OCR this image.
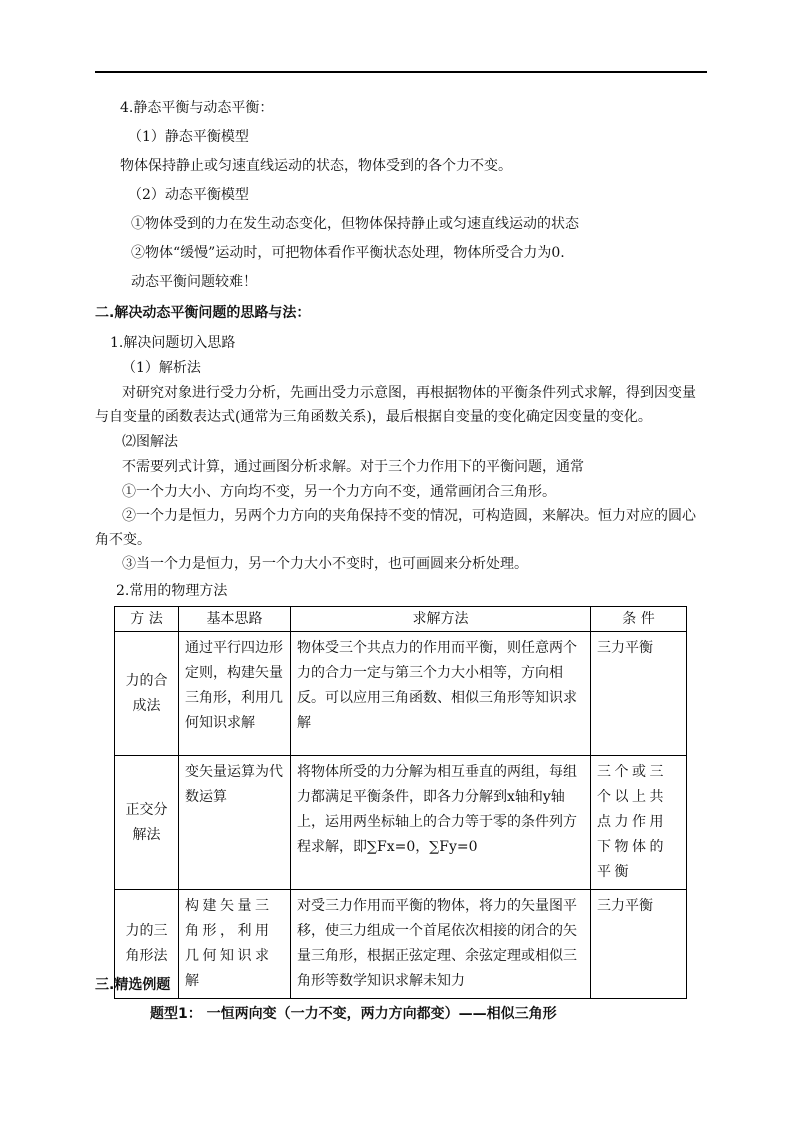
4.静态平衡与动态平衡：
（1）静态平衡模型
物体保持静止或匀速直线运动的状态，物体受到的各个力不变。
（2）动态平衡模型
①物体受到的力在发生动态变化，但物体保持静止或匀速直线运动的状态
②物体“缓慢”运动时，可把物体看作平衡状态处理，物体所受合力为0.
动态平衡问题较难！
二.解决动态平衡问题的思路与法：
1.解决问题切入思路
（1）解析法
对研究对象进行受力分析，先画出受力示意图，再根据物体的平衡条件列式求解，得到因变量
与自变量的函数表达式(通常为三角函数关系)，最后根据自变量的变化确定因变量的变化。
⑵图解法
不需要列式计算，通过画图分析求解。对于三个力作用下的平衡问题，通常
①一个力大小、方向均不变，另一个力方向不变，通常画闭合三角形。
②一个力是恒力，另两个力方向的夹角保持不变的情况，可构造圆，来解决。恒力对应的圆心
角不变。
③当一个力是恒力，另一个力大小不变时，也可画圆来分析处理。
2.常用的物理方法
方 法	基本思路	求解方法	条 件
力的合成法	通过平行四边形定则，构建矢量三角形，利用几何知识求解	物体受三个共点力的作用而平衡，则任意两个力的合力一定与第三个力大小相等，方向相反。可以应用三角函数、相似三角形等知识求解	三力平衡
正交分解法	变矢量运算为代数运算	将物体所受的力分解为相互垂直的两组，每组力都满足平衡条件，即各力分解到x轴和y轴上，运用两坐标轴上的合力等于零的条件列方程求解，即∑Fx=0，∑Fy=0	三个或三个以上共点力作用下物体的平衡
力的三角形法	构建矢量三角形，利用几何知识求解	对受三力作用而平衡的物体，将力的矢量图平移，使三力组成一个首尾依次相接的闭合的矢量三角形，根据正弦定理、余弦定理或相似三角形等数学知识求解未知力	三力平衡
三.精选例题
题型1： 一恒两向变（一力不变，两力方向都变）——相似三角形
